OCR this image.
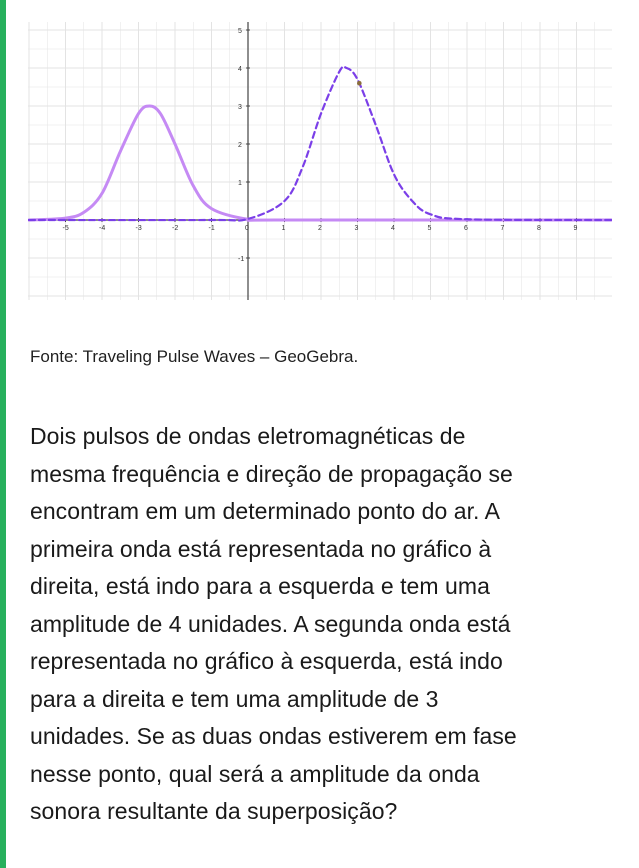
-5	-4	-3	-2	-1	0	1	2	3	4	5	6	7	8	9
-1
1
2
3
4
5
Fonte: Traveling Pulse Waves – GeoGebra.
Dois pulsos de ondas eletromagnéticas de
mesma frequência e direção de propagação se
encontram em um determinado ponto do ar. A
primeira onda está representada no gráfico à
direita, está indo para a esquerda e tem uma
amplitude de 4 unidades. A segunda onda está
representada no gráfico à esquerda, está indo
para a direita e tem uma amplitude de 3
unidades. Se as duas ondas estiverem em fase
nesse ponto, qual será a amplitude da onda
sonora resultante da superposição?
